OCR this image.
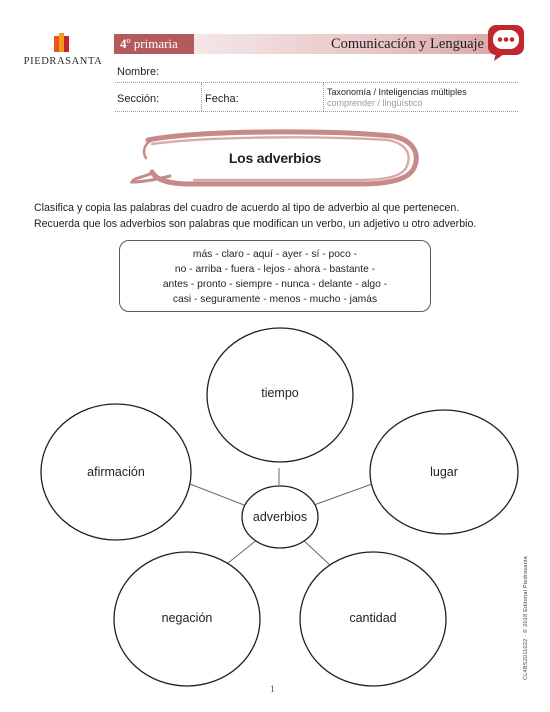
PIEDRASANTA
4º primaria	Comunicación y Lenguaje
Nombre:
Sección:	Fecha:
Taxonomía / Inteligencias múltiples
comprender / lingüístico
Los adverbios
Clasifica y copia las palabras del cuadro de acuerdo al tipo de adverbio al que pertenecen.
Recuerda que los adverbios son palabras que modifican un verbo, un adjetivo u otro adverbio.
más - claro - aquí - ayer - sí - poco -
no - arriba - fuera - lejos - ahora - bastante -
antes - pronto - siempre - nunca - delante - algo -
casi - seguramente - menos - mucho - jamás
tiempo
afirmación	lugar
negación	cantidad
adverbios
1
CL4BS2011022 · © 2018 Editorial Piedrasanta
